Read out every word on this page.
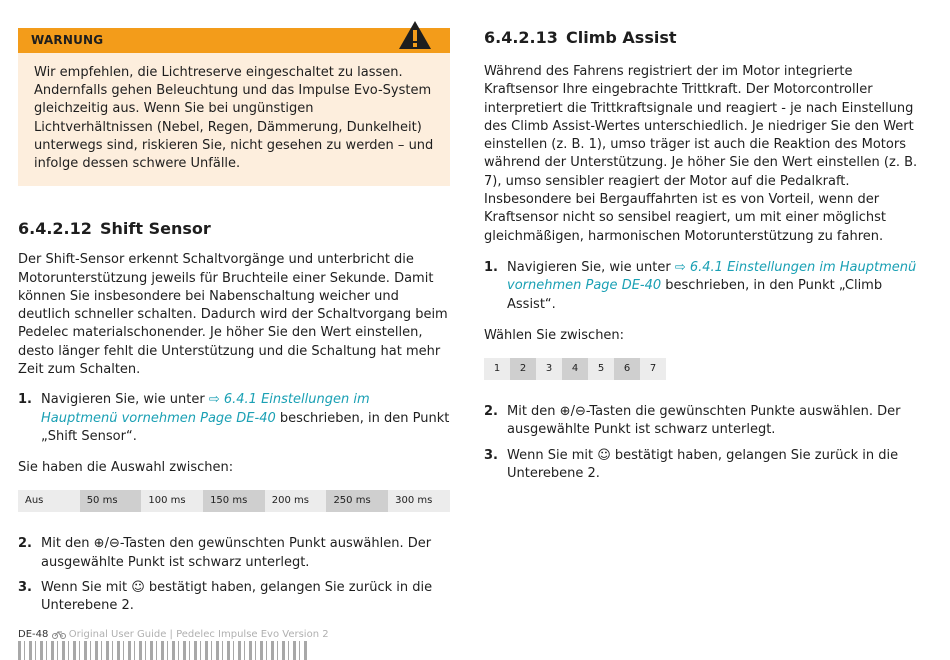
WARNUNG
Wir empfehlen, die Lichtreserve eingeschaltet zu lassen. Andernfalls gehen Beleuchtung und das Impulse Evo-System gleichzeitig aus. Wenn Sie bei ungünstigen Lichtverhältnissen (Nebel, Regen, Dämmerung, Dunkelheit) unterwegs sind, riskieren Sie, nicht gesehen zu werden – und infolge dessen schwere Unfälle.
6.4.2.12 Shift Sensor

Der Shift-Sensor erkennt Schaltvorgänge und unterbricht die Motorunterstützung jeweils für Bruchteile einer Sekunde. Damit können Sie insbesondere bei Nabenschaltung weicher und deutlich schneller schalten. Dadurch wird der Schaltvorgang beim Pedelec materialschonender. Je höher Sie den Wert einstellen, desto länger fehlt die Unterstützung und die Schaltung hat mehr Zeit zum Schalten.

1. Navigieren Sie, wie unter ⇨ 6.4.1 Einstellungen im Hauptmenü vornehmen Page DE-40 beschrieben, in den Punkt „Shift Sensor“.

Sie haben die Auswahl zwischen:

Aus	50 ms	100 ms	150 ms	200 ms	250 ms	300 ms
2. Mit den ⊕/⊖-Tasten den gewünschten Punkt auswählen. Der ausgewählte Punkt ist schwarz unterlegt.
3. Wenn Sie mit ☺ bestätigt haben, gelangen Sie zurück in die Unterebene 2.
6.4.2.13 Climb Assist

Während des Fahrens registriert der im Motor integrierte Kraftsensor Ihre eingebrachte Trittkraft. Der Motorcontroller interpretiert die Trittkraftsignale und reagiert - je nach Einstellung des Climb Assist-Wertes unterschiedlich. Je niedriger Sie den Wert einstellen (z. B. 1), umso träger ist auch die Reaktion des Motors während der Unterstützung. Je höher Sie den Wert einstellen (z. B. 7), umso sensibler reagiert der Motor auf die Pedalkraft. Insbesondere bei Bergauffahrten ist es von Vorteil, wenn der Kraftsensor nicht so sensibel reagiert, um mit einer möglichst gleichmäßigen, harmonischen Motorunterstützung zu fahren.

1. Navigieren Sie, wie unter ⇨ 6.4.1 Einstellungen im Hauptmenü vornehmen Page DE-40 beschrieben, in den Punkt „Climb Assist“.

Wählen Sie zwischen:

1	2	3	4	5	6	7
2. Mit den ⊕/⊖-Tasten die gewünschten Punkte auswählen. Der ausgewählte Punkt ist schwarz unterlegt.
3. Wenn Sie mit ☺ bestätigt haben, gelangen Sie zurück in die Unterebene 2.
DE-48 Original User Guide | Pedelec Impulse Evo Version 2
